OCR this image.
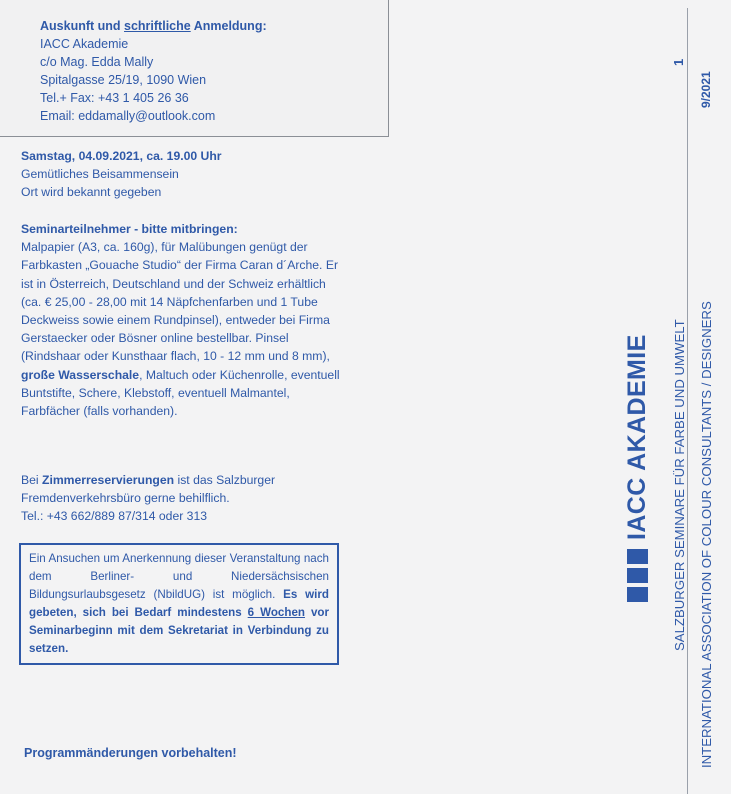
Auskunft und schriftliche Anmeldung:
IACC Akademie
c/o Mag. Edda Mally
Spitalgasse 25/19, 1090 Wien
Tel.+ Fax: +43 1 405 26 36
Email: eddamally@outlook.com
Samstag, 04.09.2021, ca. 19.00 Uhr
Gemütliches Beisammensein
Ort wird bekannt gegeben
Seminarteilnehmer - bitte mitbringen:
Malpapier (A3, ca. 160g), für Malübungen genügt der Farbkasten „Gouache Studio“ der Firma Caran d´Arche. Er ist in Österreich, Deutschland und der Schweiz erhältlich (ca. € 25,00 - 28,00 mit 14 Näpfchenfarben und 1 Tube Deckweiss sowie einem Rundpinsel), entweder bei Firma Gerstaecker oder Bösner online bestellbar. Pinsel (Rindshaar oder Kunsthaar flach, 10 - 12 mm und 8 mm), große Wasserschale, Maltuch oder Küchenrolle, eventuell Buntstifte, Schere, Klebstoff, eventuell Malmantel, Farbfächer (falls vorhanden).
Bei Zimmerreservierungen ist das Salzburger Fremdenverkehrsbüro gerne behilflich.
Tel.: +43 662/889 87/314 oder 313
Ein Ansuchen um Anerkennung dieser Veranstaltung nach dem Berliner- und Niedersächsischen Bildungsurlaubsgesetz (NbildUG) ist möglich. Es wird gebeten, sich bei Bedarf mindestens 6 Wochen vor Seminarbeginn mit dem Sekretariat in Verbindung zu setzen.
Programmänderungen vorbehalten!
1
9/2021
IACC AKADEMIE SALZBURGER SEMINARE FÜR FARBE UND UMWELT INTERNATIONAL ASSOCIATION OF COLOUR CONSULTANTS / DESIGNERS
